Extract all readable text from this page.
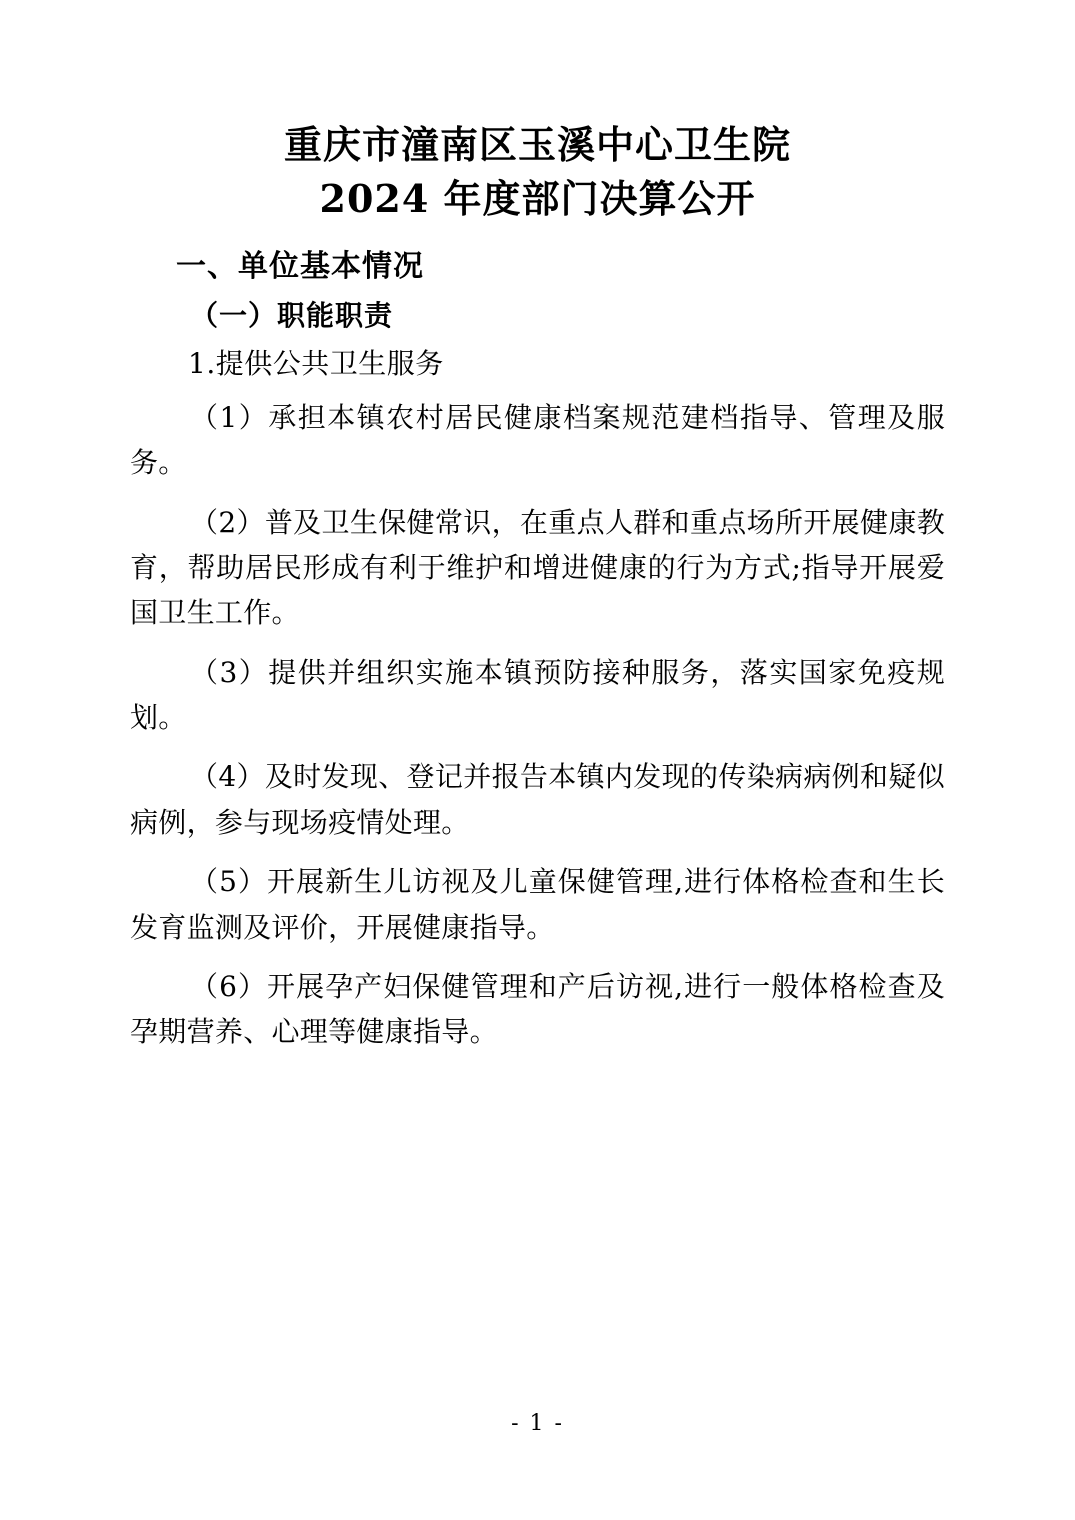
重庆市潼南区玉溪中心卫生院
2024 年度部门决算公开
一、单位基本情况
（一）职能职责
1.提供公共卫生服务

（1）承担本镇农村居民健康档案规范建档指导、管理及服务。

（2）普及卫生保健常识，在重点人群和重点场所开展健康教育，帮助居民形成有利于维护和增进健康的行为方式;指导开展爱国卫生工作。

（3）提供并组织实施本镇预防接种服务，落实国家免疫规划。

（4）及时发现、登记并报告本镇内发现的传染病病例和疑似病例，参与现场疫情处理。

（5）开展新生儿访视及儿童保健管理,进行体格检查和生长发育监测及评价，开展健康指导。

（6）开展孕产妇保健管理和产后访视,进行一般体格检查及孕期营养、心理等健康指导。

- 1 -
